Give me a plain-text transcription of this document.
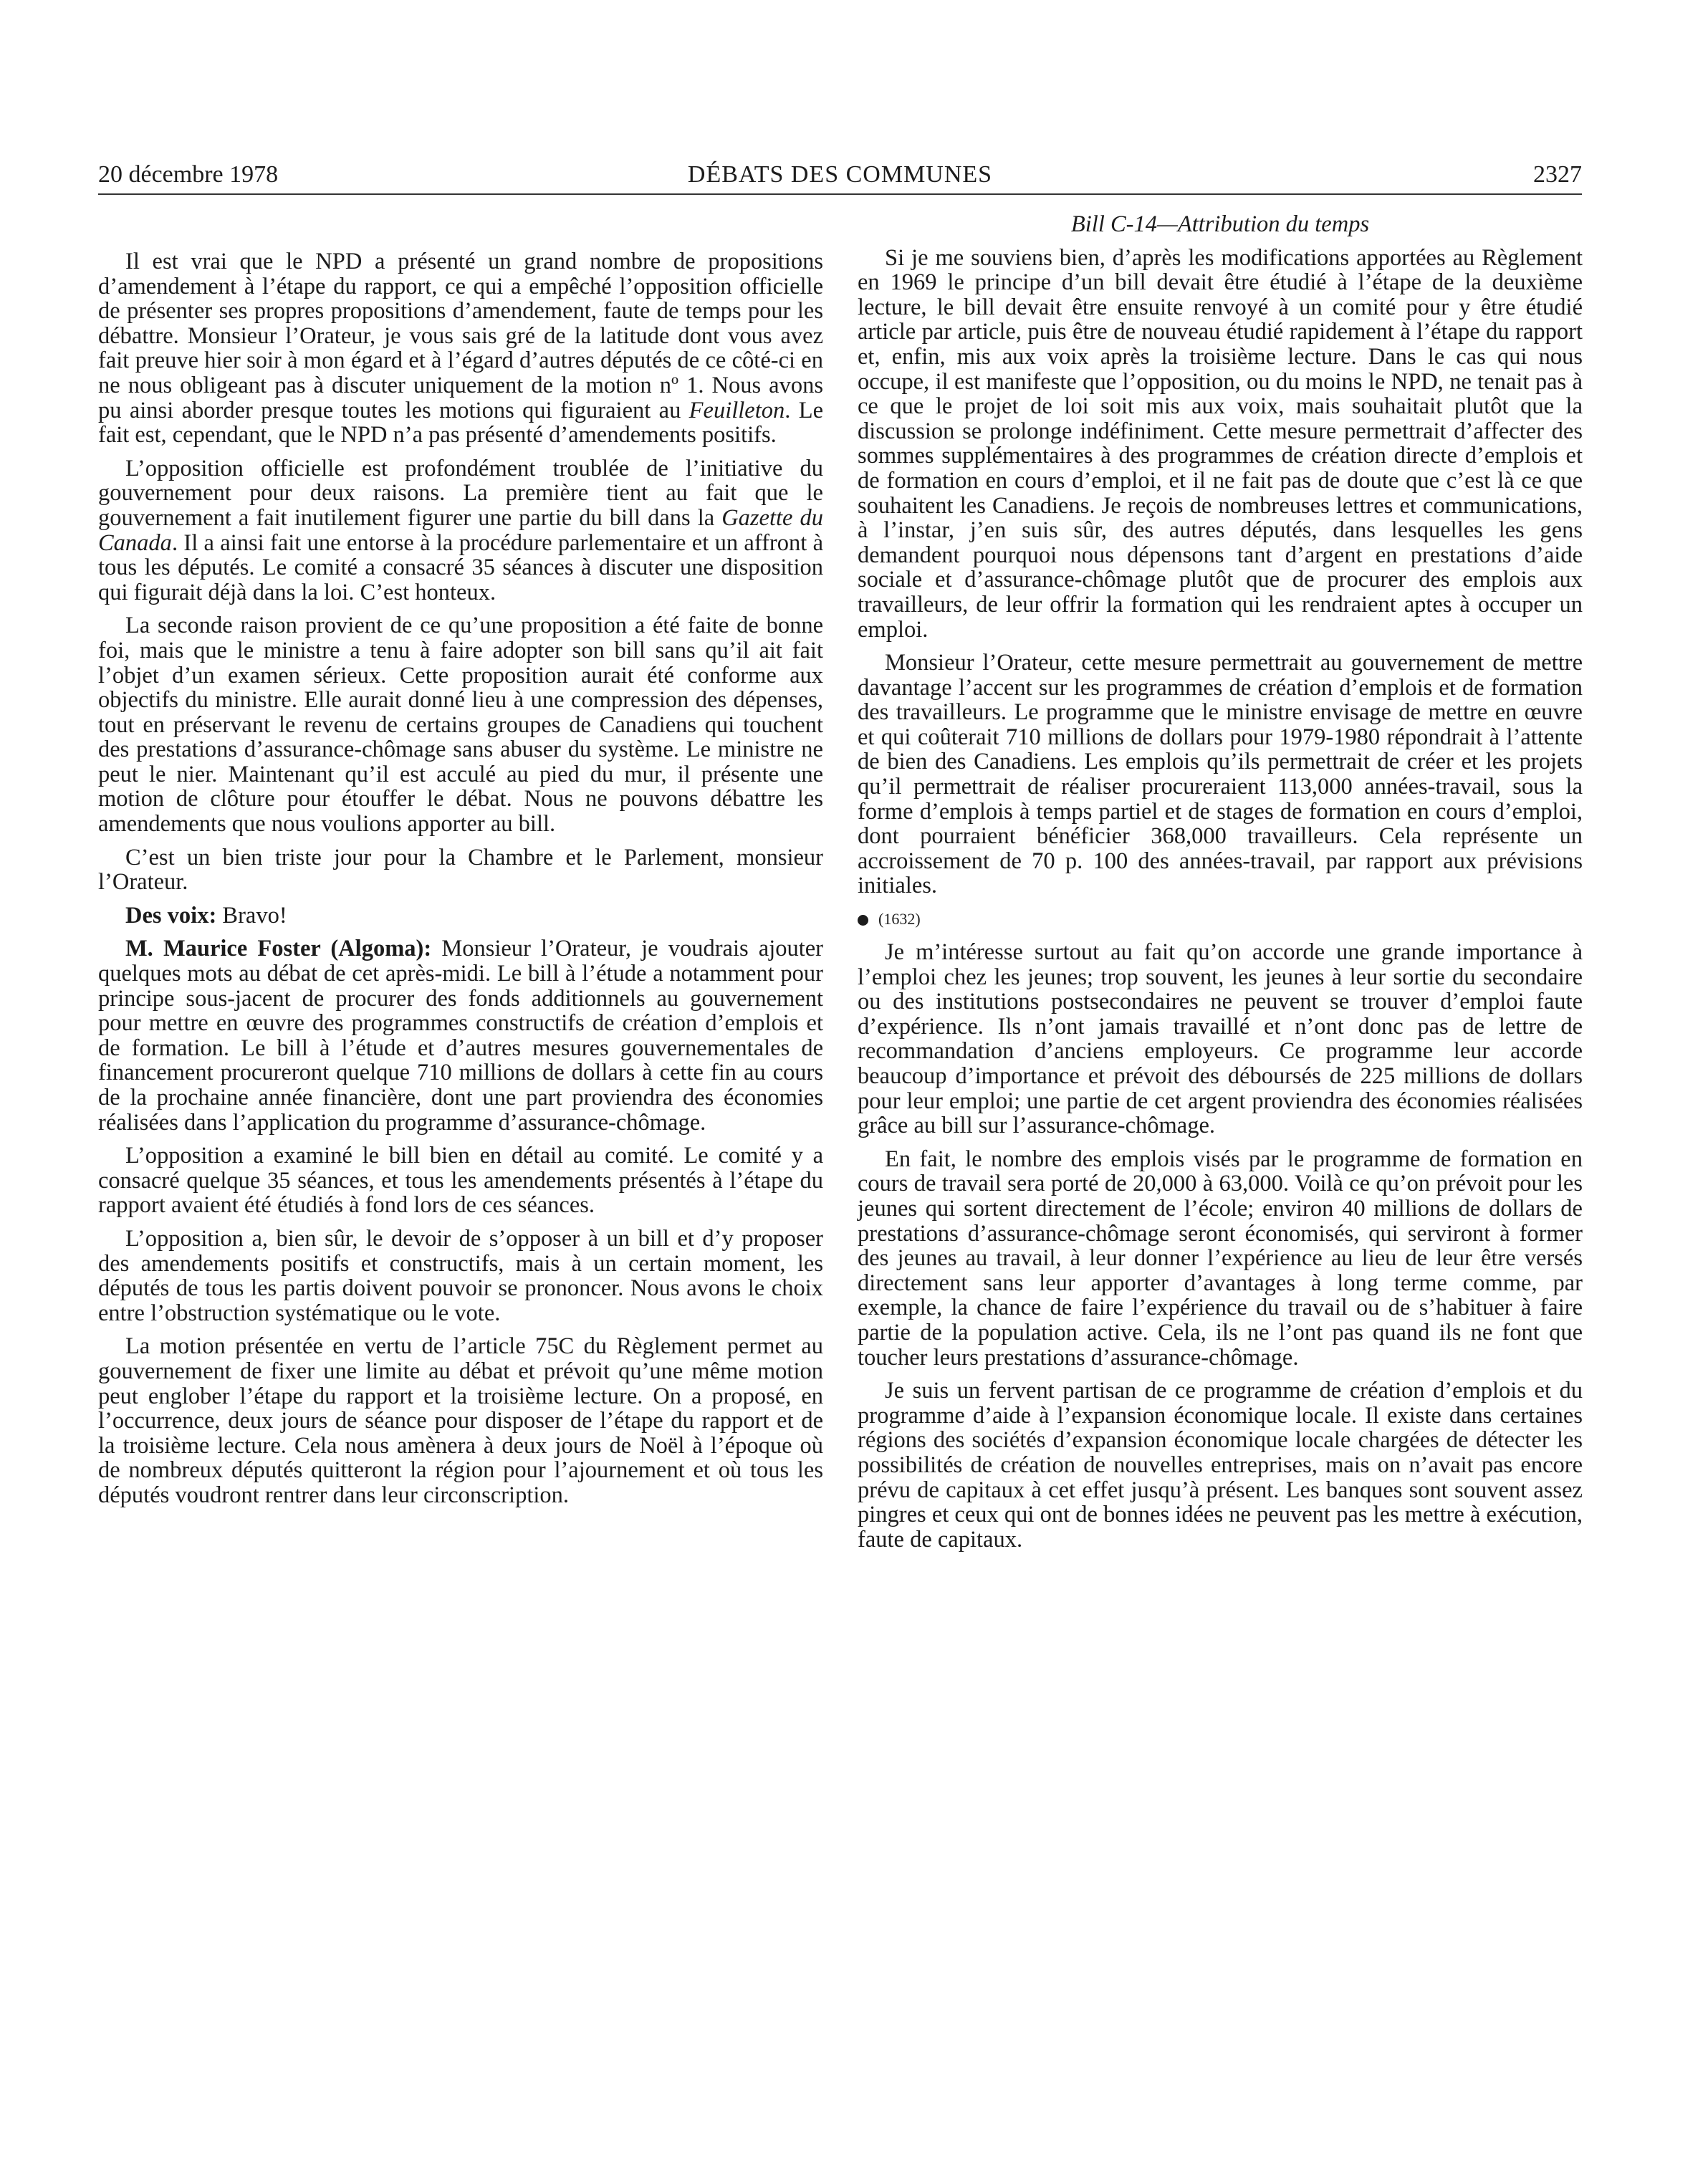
20 décembre 1978	DÉBATS DES COMMUNES	2327

Il est vrai que le NPD a présenté un grand nombre de propositions d’amendement à l’étape du rapport, ce qui a empêché l’opposition officielle de présenter ses propres propositions d’amendement, faute de temps pour les débattre. Monsieur l’Orateur, je vous sais gré de la latitude dont vous avez fait preuve hier soir à mon égard et à l’égard d’autres députés de ce côté-ci en ne nous obligeant pas à discuter uniquement de la motion nº 1. Nous avons pu ainsi aborder presque toutes les motions qui figuraient au Feuilleton. Le fait est, cependant, que le NPD n’a pas présenté d’amendements positifs.

L’opposition officielle est profondément troublée de l’initiative du gouvernement pour deux raisons. La première tient au fait que le gouvernement a fait inutilement figurer une partie du bill dans la Gazette du Canada. Il a ainsi fait une entorse à la procédure parlementaire et un affront à tous les députés. Le comité a consacré 35 séances à discuter une disposition qui figurait déjà dans la loi. C’est honteux.

La seconde raison provient de ce qu’une proposition a été faite de bonne foi, mais que le ministre a tenu à faire adopter son bill sans qu’il ait fait l’objet d’un examen sérieux. Cette proposition aurait été conforme aux objectifs du ministre. Elle aurait donné lieu à une compression des dépenses, tout en préservant le revenu de certains groupes de Canadiens qui touchent des prestations d’assurance-chômage sans abuser du système. Le ministre ne peut le nier. Maintenant qu’il est acculé au pied du mur, il présente une motion de clôture pour étouffer le débat. Nous ne pouvons débattre les amendements que nous voulions apporter au bill.

C’est un bien triste jour pour la Chambre et le Parlement, monsieur l’Orateur.

Des voix: Bravo!

M. Maurice Foster (Algoma): Monsieur l’Orateur, je voudrais ajouter quelques mots au débat de cet après-midi. Le bill à l’étude a notamment pour principe sous-jacent de procurer des fonds additionnels au gouvernement pour mettre en œuvre des programmes constructifs de création d’emplois et de formation. Le bill à l’étude et d’autres mesures gouvernementales de financement procureront quelque 710 millions de dollars à cette fin au cours de la prochaine année financière, dont une part proviendra des économies réalisées dans l’application du programme d’assurance-chômage.

L’opposition a examiné le bill bien en détail au comité. Le comité y a consacré quelque 35 séances, et tous les amendements présentés à l’étape du rapport avaient été étudiés à fond lors de ces séances.

L’opposition a, bien sûr, le devoir de s’opposer à un bill et d’y proposer des amendements positifs et constructifs, mais à un certain moment, les députés de tous les partis doivent pouvoir se prononcer. Nous avons le choix entre l’obstruction systématique ou le vote.

La motion présentée en vertu de l’article 75C du Règlement permet au gouvernement de fixer une limite au débat et prévoit qu’une même motion peut englober l’étape du rapport et la troisième lecture. On a proposé, en l’occurrence, deux jours de séance pour disposer de l’étape du rapport et de la troisième lecture. Cela nous amènera à deux jours de Noël à l’époque où de nombreux députés quitteront la région pour l’ajournement et où tous les députés voudront rentrer dans leur circonscription.

Bill C-14—Attribution du temps

Si je me souviens bien, d’après les modifications apportées au Règlement en 1969 le principe d’un bill devait être étudié à l’étape de la deuxième lecture, le bill devait être ensuite renvoyé à un comité pour y être étudié article par article, puis être de nouveau étudié rapidement à l’étape du rapport et, enfin, mis aux voix après la troisième lecture. Dans le cas qui nous occupe, il est manifeste que l’opposition, ou du moins le NPD, ne tenait pas à ce que le projet de loi soit mis aux voix, mais souhaitait plutôt que la discussion se prolonge indéfiniment. Cette mesure permettrait d’affecter des sommes supplémentaires à des programmes de création directe d’emplois et de formation en cours d’emploi, et il ne fait pas de doute que c’est là ce que souhaitent les Canadiens. Je reçois de nombreuses lettres et communications, à l’instar, j’en suis sûr, des autres députés, dans lesquelles les gens demandent pourquoi nous dépensons tant d’argent en prestations d’aide sociale et d’assurance-chômage plutôt que de procurer des emplois aux travailleurs, de leur offrir la formation qui les rendraient aptes à occuper un emploi.

Monsieur l’Orateur, cette mesure permettrait au gouvernement de mettre davantage l’accent sur les programmes de création d’emplois et de formation des travailleurs. Le programme que le ministre envisage de mettre en œuvre et qui coûterait 710 millions de dollars pour 1979-1980 répondrait à l’attente de bien des Canadiens. Les emplois qu’ils permettrait de créer et les projets qu’il permettrait de réaliser procureraient 113,000 années-travail, sous la forme d’emplois à temps partiel et de stages de formation en cours d’emploi, dont pourraient bénéficier 368,000 travailleurs. Cela représente un accroissement de 70 p. 100 des années-travail, par rapport aux prévisions initiales.

(1632)

Je m’intéresse surtout au fait qu’on accorde une grande importance à l’emploi chez les jeunes; trop souvent, les jeunes à leur sortie du secondaire ou des institutions postsecondaires ne peuvent se trouver d’emploi faute d’expérience. Ils n’ont jamais travaillé et n’ont donc pas de lettre de recommandation d’anciens employeurs. Ce programme leur accorde beaucoup d’importance et prévoit des déboursés de 225 millions de dollars pour leur emploi; une partie de cet argent proviendra des économies réalisées grâce au bill sur l’assurance-chômage.

En fait, le nombre des emplois visés par le programme de formation en cours de travail sera porté de 20,000 à 63,000. Voilà ce qu’on prévoit pour les jeunes qui sortent directement de l’école; environ 40 millions de dollars de prestations d’assurance-chômage seront économisés, qui serviront à former des jeunes au travail, à leur donner l’expérience au lieu de leur être versés directement sans leur apporter d’avantages à long terme comme, par exemple, la chance de faire l’expérience du travail ou de s’habituer à faire partie de la population active. Cela, ils ne l’ont pas quand ils ne font que toucher leurs prestations d’assurance-chômage.

Je suis un fervent partisan de ce programme de création d’emplois et du programme d’aide à l’expansion économique locale. Il existe dans certaines régions des sociétés d’expansion économique locale chargées de détecter les possibilités de création de nouvelles entreprises, mais on n’avait pas encore prévu de capitaux à cet effet jusqu’à présent. Les banques sont souvent assez pingres et ceux qui ont de bonnes idées ne peuvent pas les mettre à exécution, faute de capitaux.
